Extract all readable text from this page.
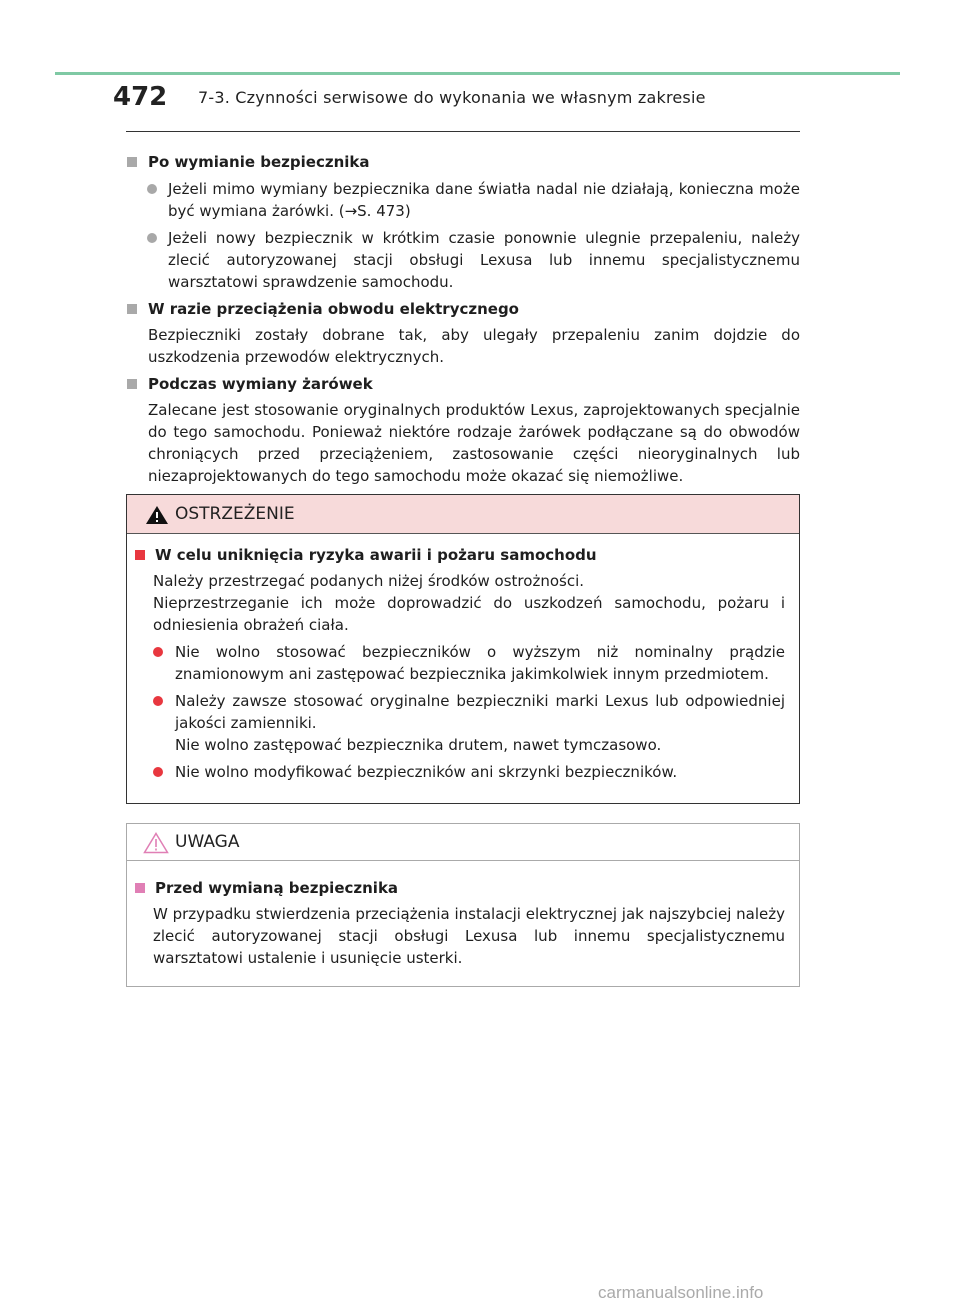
472 7-3. Czynności serwisowe do wykonania we własnym zakresie
Po wymianie bezpiecznika
Jeżeli mimo wymiany bezpiecznika dane światła nadal nie działają, konieczna może być wymiana żarówki. (→S. 473)
Jeżeli nowy bezpiecznik w krótkim czasie ponownie ulegnie przepaleniu, należy zlecić autoryzowanej stacji obsługi Lexusa lub innemu specjalistycznemu warsztatowi sprawdzenie samochodu.
W razie przeciążenia obwodu elektrycznego
Bezpieczniki zostały dobrane tak, aby ulegały przepaleniu zanim dojdzie do uszkodzenia przewodów elektrycznych.
Podczas wymiany żarówek
Zalecane jest stosowanie oryginalnych produktów Lexus, zaprojektowanych specjalnie do tego samochodu. Ponieważ niektóre rodzaje żarówek podłączane są do obwodów chroniących przed przeciążeniem, zastosowanie części nieoryginalnych lub niezaprojektowanych do tego samochodu może okazać się niemożliwe.
OSTRZEŻENIE
W celu uniknięcia ryzyka awarii i pożaru samochodu
Należy przestrzegać podanych niżej środków ostrożności.
Nieprzestrzeganie ich może doprowadzić do uszkodzeń samochodu, pożaru i odniesienia obrażeń ciała.
Nie wolno stosować bezpieczników o wyższym niż nominalny prądzie znamionowym ani zastępować bezpiecznika jakimkolwiek innym przedmiotem.
Należy zawsze stosować oryginalne bezpieczniki marki Lexus lub odpowiedniej jakości zamienniki.
Nie wolno zastępować bezpiecznika drutem, nawet tymczasowo.
Nie wolno modyfikować bezpieczników ani skrzynki bezpieczników.
UWAGA
Przed wymianą bezpiecznika
W przypadku stwierdzenia przeciążenia instalacji elektrycznej jak najszybciej należy zlecić autoryzowanej stacji obsługi Lexusa lub innemu specjalistycznemu warsztatowi ustalenie i usunięcie usterki.
carmanualsonline.info
